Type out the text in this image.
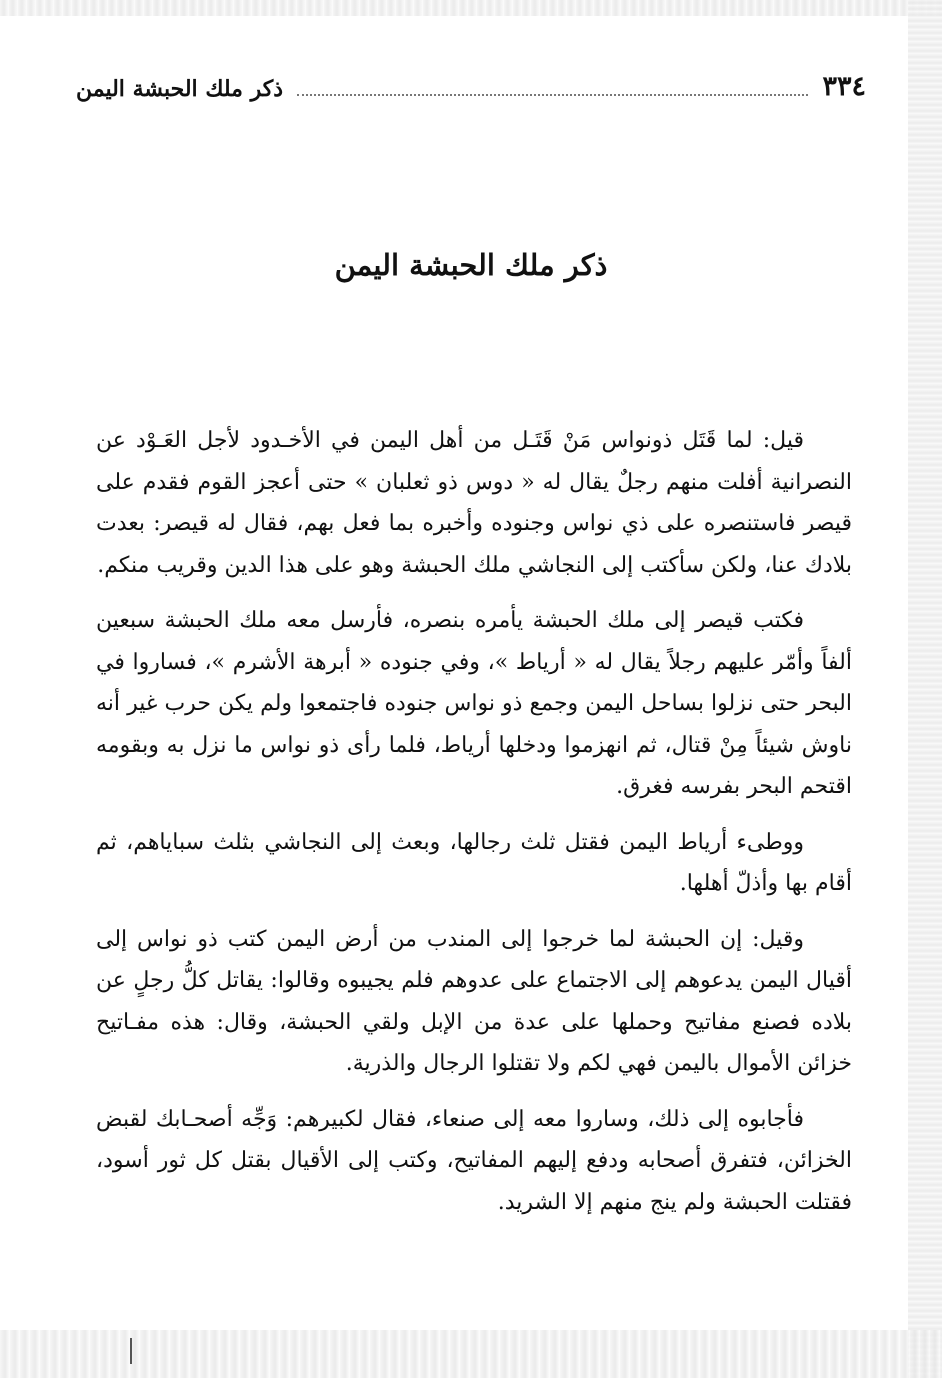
٣٣٤
ذكر ملك الحبشة اليمن
ذكر ملك الحبشة اليمن

قيل: لما قَتَل ذونواس مَنْ قَتَـل من أهل اليمن في الأخـدود لأجل العَـوْد عن النصرانية أفلت منهم رجلٌ يقال له « دوس ذو ثعلبان » حتى أعجز القوم فقدم على قيصر فاستنصره على ذي نواس وجنوده وأخبره بما فعل بهم، فقال له قيصر: بعدت بلادك عنا، ولكن سأكتب إلى النجاشي ملك الحبشة وهو على هذا الدين وقريب منكم.

فكتب قيصر إلى ملك الحبشة يأمره بنصره، فأرسل معه ملك الحبشة سبعين ألفاً وأمّر عليهم رجلاً يقال له « أرياط »، وفي جنوده « أبرهة الأشرم »، فساروا في البحر حتى نزلوا بساحل اليمن وجمع ذو نواس جنوده فاجتمعوا ولم يكن حرب غير أنه ناوش شيئاً مِنْ قتال، ثم انهزموا ودخلها أرياط، فلما رأى ذو نواس ما نزل به وبقومه اقتحم البحر بفرسه فغرق.

ووطىء أرياط اليمن فقتل ثلث رجالها، وبعث إلى النجاشي بثلث سباياهم، ثم أقام بها وأذلّ أهلها.

وقيل: إن الحبشة لما خرجوا إلى المندب من أرض اليمن كتب ذو نواس إلى أقيال اليمن يدعوهم إلى الاجتماع على عدوهم فلم يجيبوه وقالوا: يقاتل كلُّ رجلٍ عن بلاده فصنع مفاتيح وحملها على عدة من الإبل ولقي الحبشة، وقال: هذه مفـاتيح خزائن الأموال باليمن فهي لكم ولا تقتلوا الرجال والذرية.

فأجابوه إلى ذلك، وساروا معه إلى صنعاء، فقال لكبيرهم: وَجِّه أصحـابك لقبض الخزائن، فتفرق أصحابه ودفع إليهم المفاتيح، وكتب إلى الأقيال بقتل كل ثور أسود، فقتلت الحبشة ولم ينج منهم إلا الشريد.
